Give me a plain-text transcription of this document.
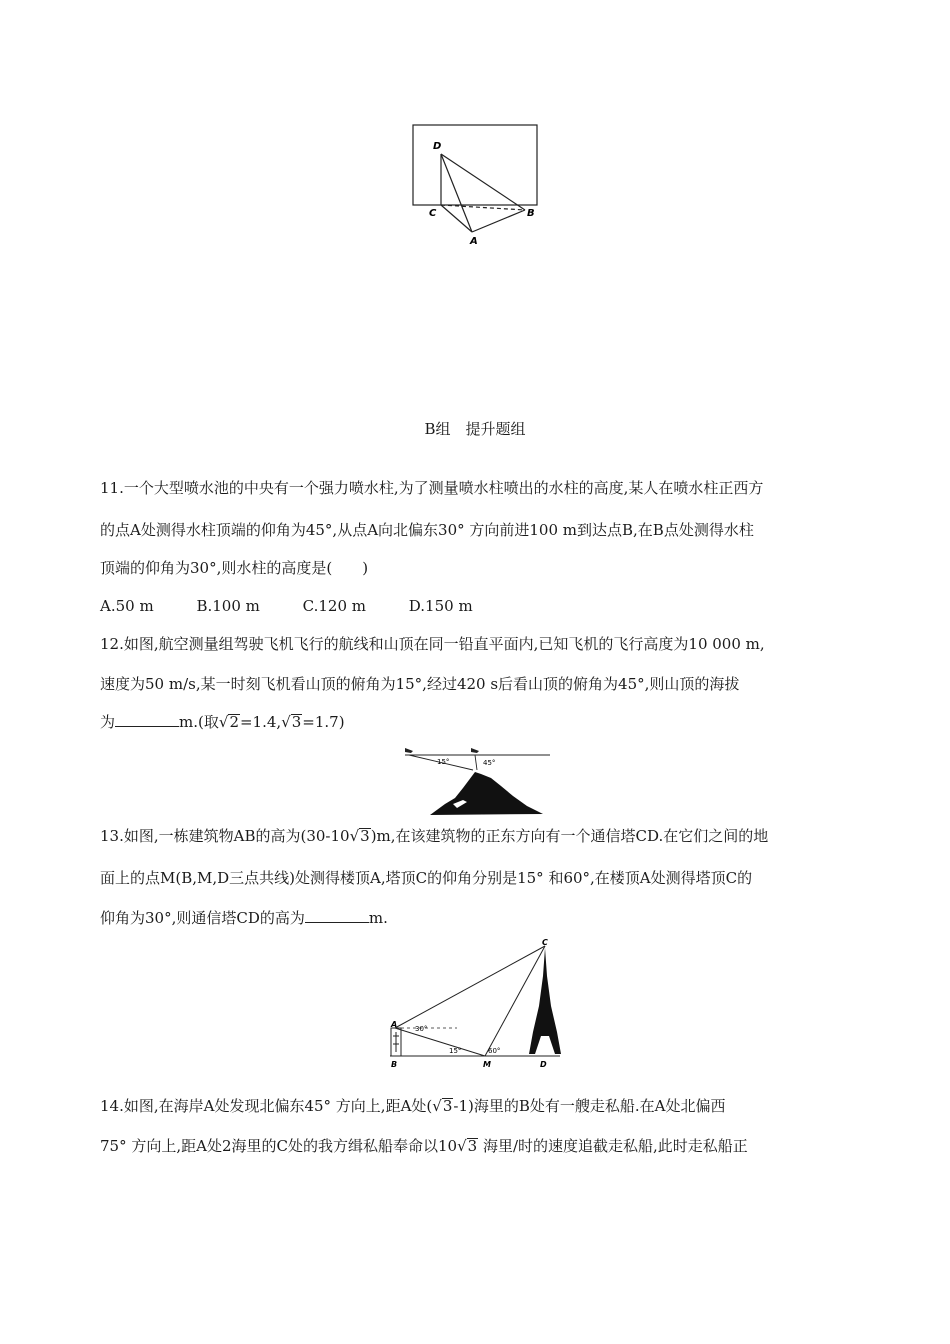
D
C	B
A
B组　提升题组
11.一个大型喷水池的中央有一个强力喷水柱,为了测量喷水柱喷出的水柱的高度,某人在喷水柱正西方
的点A处测得水柱顶端的仰角为45°,从点A向北偏东30° 方向前进100 m到达点B,在B点处测得水柱
顶端的仰角为30°,则水柱的高度是(　　)
A.50 m	B.100 m	C.120 m	D.150 m
12.如图,航空测量组驾驶飞机飞行的航线和山顶在同一铅直平面内,已知飞机的飞行高度为10 000 m,
速度为50 m/s,某一时刻飞机看山顶的俯角为15°,经过420 s后看山顶的俯角为45°,则山顶的海拔
为	m.(取√2=1.4,√3=1.7)
15°	45°
13.如图,一栋建筑物AB的高为(30-10√3)m,在该建筑物的正东方向有一个通信塔CD.在它们之间的地
面上的点M(B,M,D三点共线)处测得楼顶A,塔顶C的仰角分别是15° 和60°,在楼顶A处测得塔顶C的
仰角为30°,则通信塔CD的高为	m.
A	30°
B
15°
M
60°
D
C
14.如图,在海岸A处发现北偏东45° 方向上,距A处(√3-1)海里的B处有一艘走私船.在A处北偏西
75° 方向上,距A处2海里的C处的我方缉私船奉命以10√3 海里/时的速度追截走私船,此时走私船正
